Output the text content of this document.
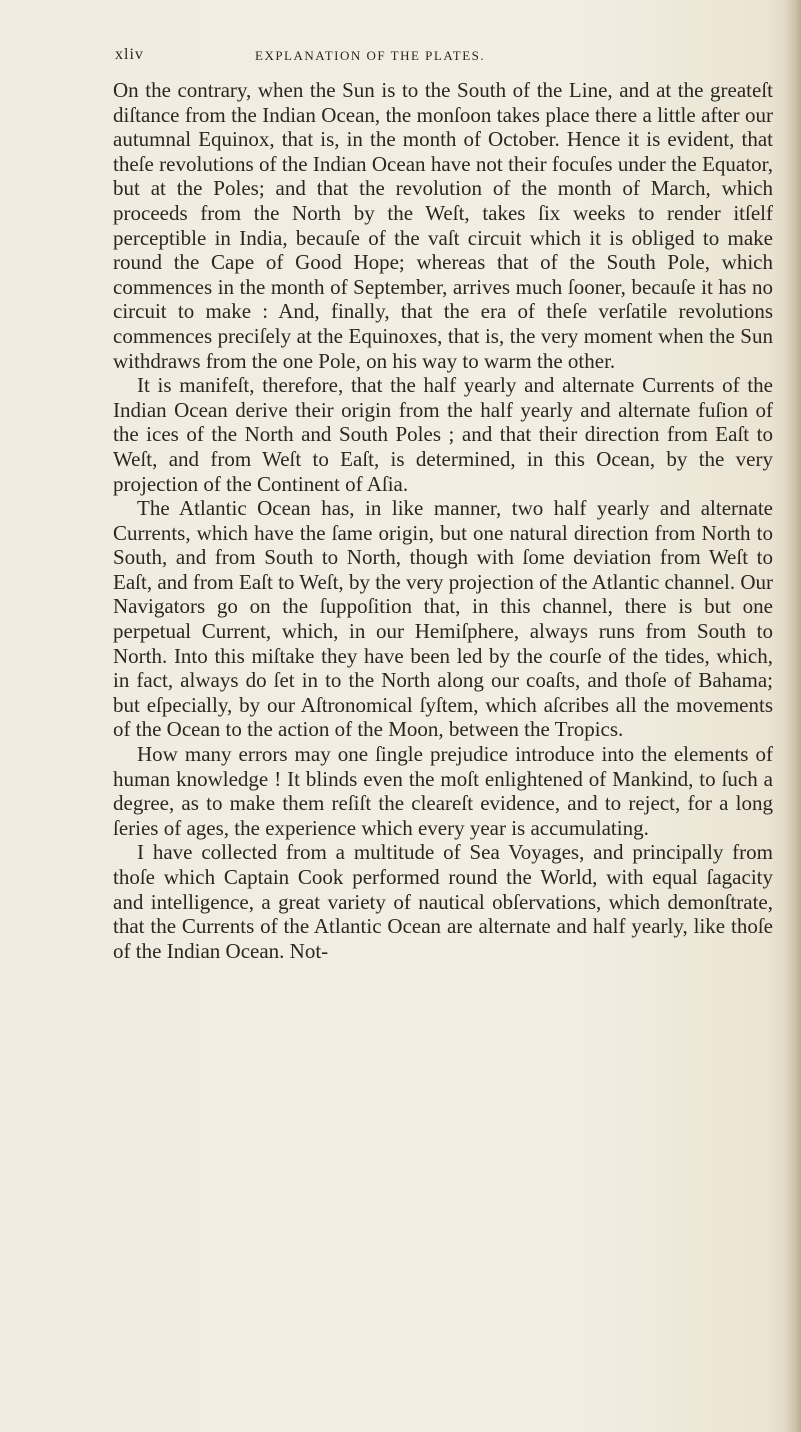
xliv	EXPLANATION OF THE PLATES.

On the contrary, when the Sun is to the South of the Line, and at the greateſt diſtance from the Indian Ocean, the monſoon takes place there a little after our autumnal Equinox, that is, in the month of October. Hence it is evident, that theſe revolutions of the Indian Ocean have not their focuſes under the Equator, but at the Poles; and that the revolution of the month of March, which proceeds from the North by the Weſt, takes ſix weeks to render itſelf perceptible in India, becauſe of the vaſt circuit which it is obliged to make round the Cape of Good Hope; whereas that of the South Pole, which commences in the month of September, arrives much ſooner, becauſe it has no circuit to make : And, finally, that the era of theſe verſatile revolutions commences preciſely at the Equinoxes, that is, the very moment when the Sun withdraws from the one Pole, on his way to warm the other.

It is manifeſt, therefore, that the half yearly and alternate Currents of the Indian Ocean derive their origin from the half yearly and alternate fuſion of the ices of the North and South Poles ; and that their direction from Eaſt to Weſt, and from Weſt to Eaſt, is determined, in this Ocean, by the very projection of the Continent of Aſia.

The Atlantic Ocean has, in like manner, two half yearly and alternate Currents, which have the ſame origin, but one natural direction from North to South, and from South to North, though with ſome deviation from Weſt to Eaſt, and from Eaſt to Weſt, by the very projection of the Atlantic channel. Our Navigators go on the ſuppoſition that, in this channel, there is but one perpetual Current, which, in our Hemiſphere, always runs from South to North. Into this miſtake they have been led by the courſe of the tides, which, in fact, always do ſet in to the North along our coaſts, and thoſe of Bahama; but eſpecially, by our Aſtronomical ſyſtem, which aſcribes all the movements of the Ocean to the action of the Moon, between the Tropics.

How many errors may one ſingle prejudice introduce into the elements of human knowledge ! It blinds even the moſt enlightened of Mankind, to ſuch a degree, as to make them reſiſt the cleareſt evidence, and to reject, for a long ſeries of ages, the experience which every year is accumulating.

I have collected from a multitude of Sea Voyages, and principally from thoſe which Captain Cook performed round the World, with equal ſagacity and intelligence, a great variety of nautical obſervations, which demonſtrate, that the Currents of the Atlantic Ocean are alternate and half yearly, like thoſe of the Indian Ocean. Not-
